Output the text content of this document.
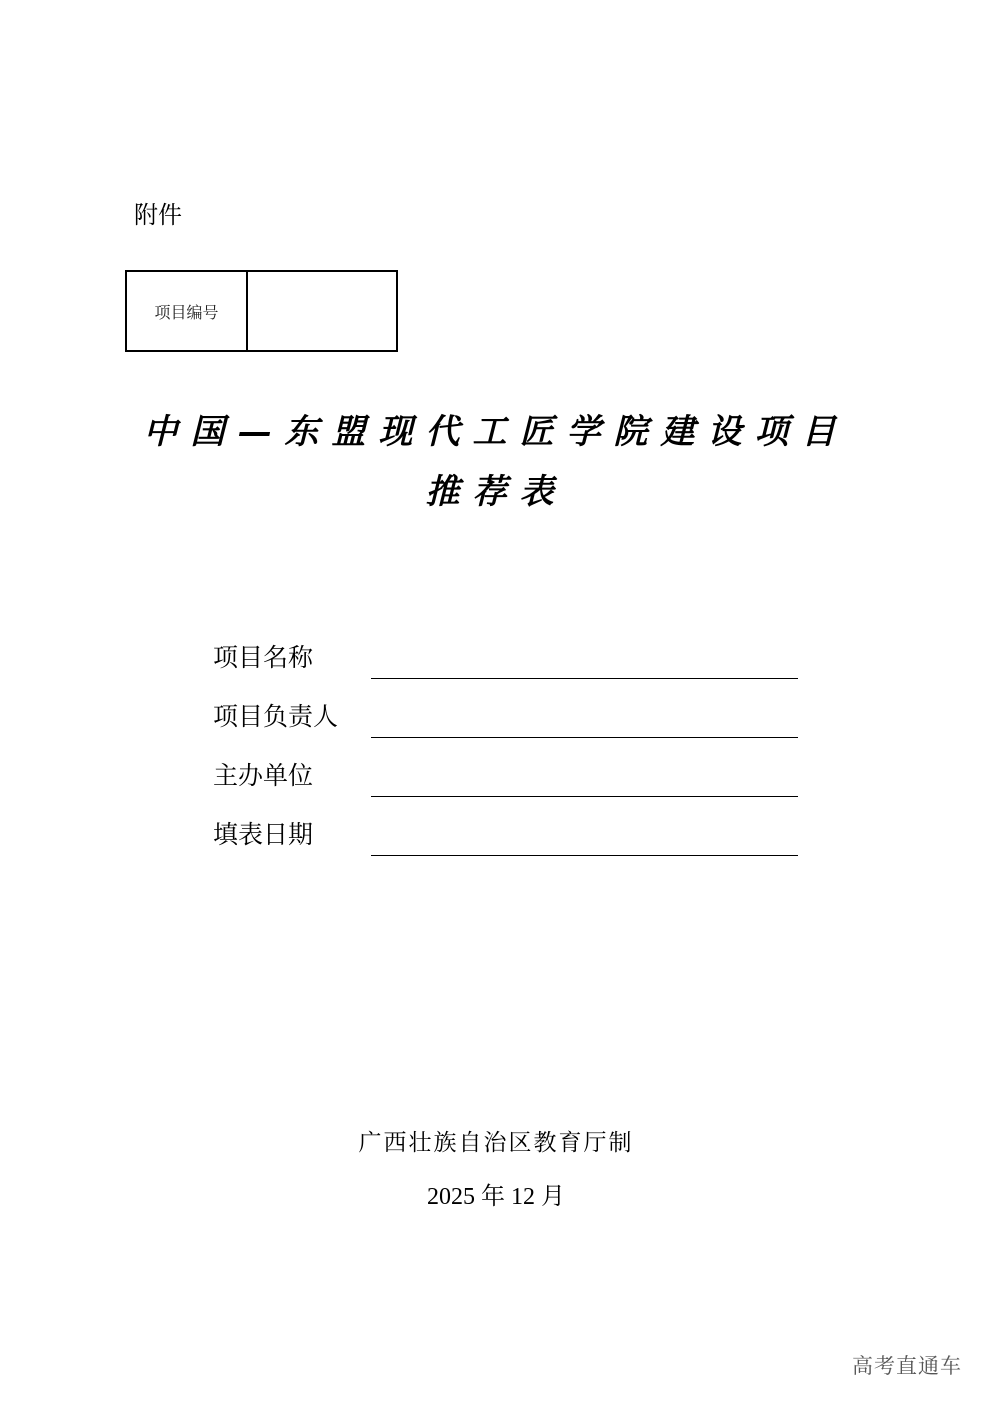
附件
项目编号
中国—东盟现代工匠学院建设项目
推荐表
项目名称
项目负责人
主办单位
填表日期
广西壮族自治区教育厅制
2025 年 12 月
高考直通车
